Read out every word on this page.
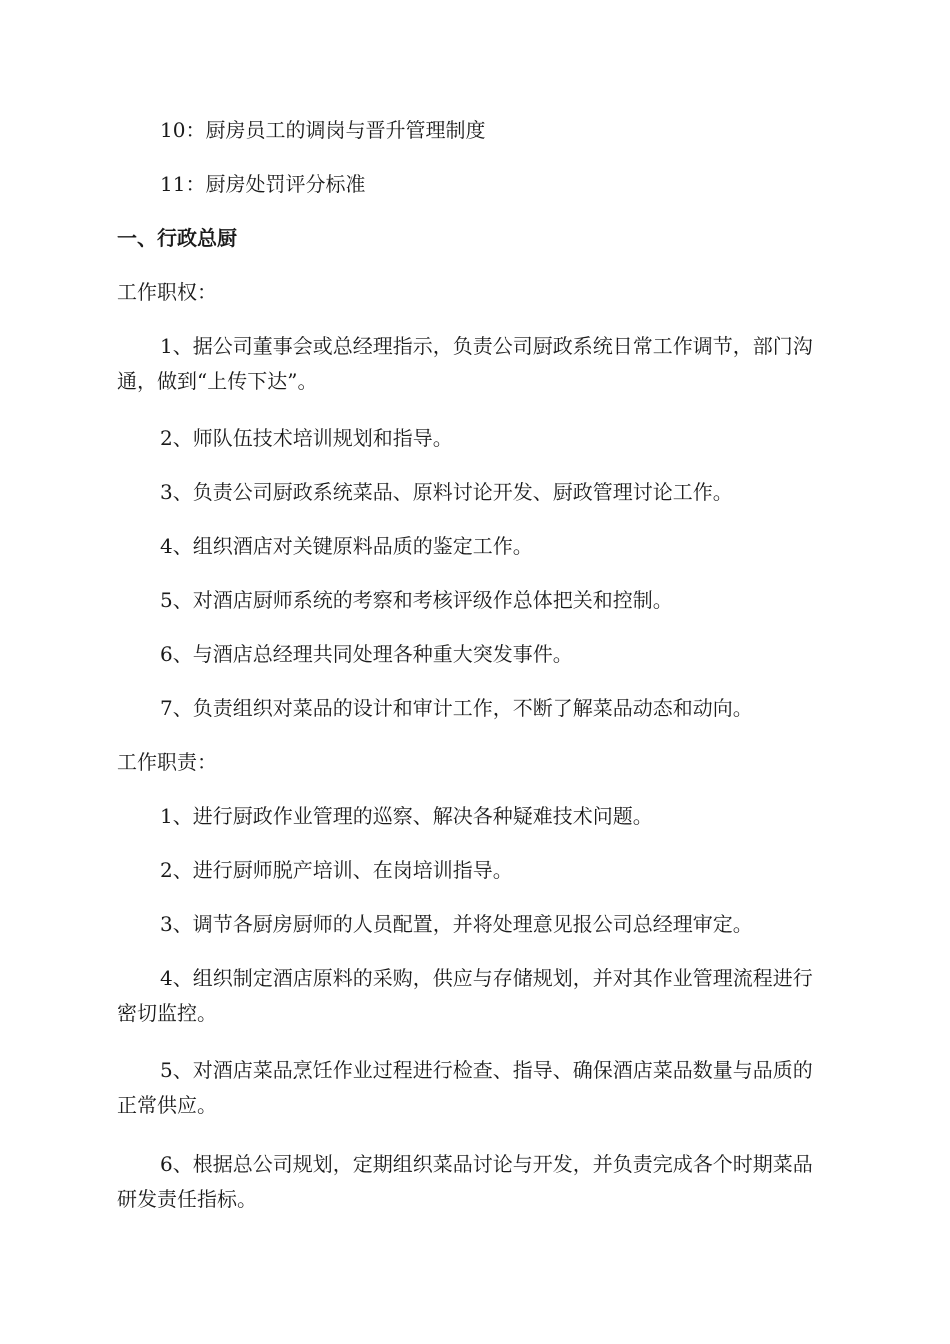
10：厨房员工的调岗与晋升管理制度
11：厨房处罚评分标准
一、行政总厨
工作职权：
1、据公司董事会或总经理指示，负责公司厨政系统日常工作调节，部门沟通，做到“上传下达”。
2、师队伍技术培训规划和指导。
3、负责公司厨政系统菜品、原料讨论开发、厨政管理讨论工作。
4、组织酒店对关键原料品质的鉴定工作。
5、对酒店厨师系统的考察和考核评级作总体把关和控制。
6、与酒店总经理共同处理各种重大突发事件。
7、负责组织对菜品的设计和审计工作，不断了解菜品动态和动向。
工作职责：
1、进行厨政作业管理的巡察、解决各种疑难技术问题。
2、进行厨师脱产培训、在岗培训指导。
3、调节各厨房厨师的人员配置，并将处理意见报公司总经理审定。
4、组织制定酒店原料的采购，供应与存储规划，并对其作业管理流程进行密切监控。
5、对酒店菜品烹饪作业过程进行检查、指导、确保酒店菜品数量与品质的正常供应。
6、根据总公司规划，定期组织菜品讨论与开发，并负责完成各个时期菜品研发责任指标。
